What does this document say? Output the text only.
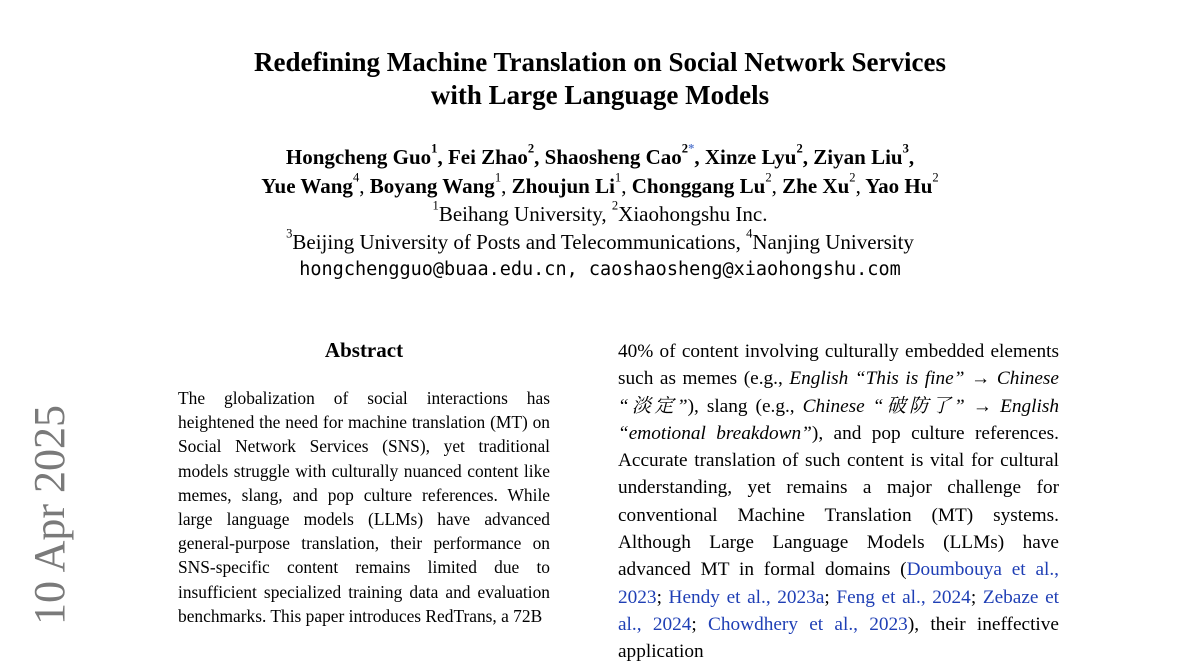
10 Apr 2025
Redefining Machine Translation on Social Network Services
with Large Language Models
Hongcheng Guo$^1$, Fei Zhao$^2$, Shaosheng Cao$^{2*}$, Xinze Lyu$^2$, Ziyan Liu$^3$,
Yue Wang$^4$, Boyang Wang$^1$, Zhoujun Li$^1$, Chonggang Lu$^2$, Zhe Xu$^2$, Yao Hu$^2$
$^1$Beihang University, $^2$Xiaohongshu Inc.
$^3$Beijing University of Posts and Telecommunications, $^4$Nanjing University
hongchengguo@buaa.edu.cn, caoshaosheng@xiaohongshu.com
Abstract
The globalization of social interactions has heightened the need for machine translation (MT) on Social Network Services (SNS), yet traditional models struggle with culturally nuanced content like memes, slang, and pop culture references. While large language models (LLMs) have advanced general-purpose translation, their performance on SNS-specific content remains limited due to insufficient specialized training data and evaluation benchmarks. This paper introduces RedTrans, a 72B
40% of content involving culturally embedded elements such as memes (e.g., English “This is fine” → Chinese “淡定”), slang (e.g., Chinese “破防了” → English “emotional breakdown”), and pop culture references. Accurate translation of such content is vital for cultural understanding, yet remains a major challenge for conventional Machine Translation (MT) systems. Although Large Language Models (LLMs) have advanced MT in formal domains (Doumbouya et al., 2023; Hendy et al., 2023a; Feng et al., 2024; Zebaze et al., 2024; Chowdhery et al., 2023), their ineffective application
